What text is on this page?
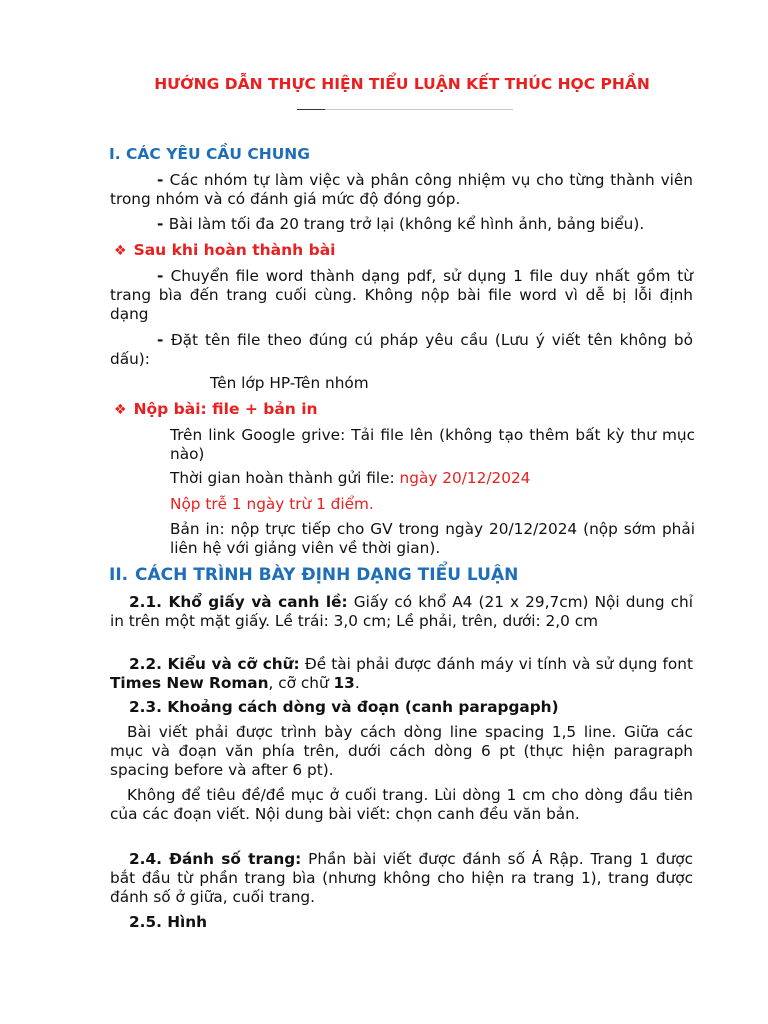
HƯỚNG DẪN THỰC HIỆN TIỂU LUẬN KẾT THÚC HỌC PHẦN
I. CÁC YÊU CẦU CHUNG
- Các nhóm tự làm việc và phân công nhiệm vụ cho từng thành viên trong nhóm và có đánh giá mức độ đóng góp.
- Bài làm tối đa 20 trang trở lại (không kể hình ảnh, bảng biểu).
❖ Sau khi hoàn thành bài
- Chuyển file word thành dạng pdf, sử dụng 1 file duy nhất gồm từ trang bìa đến trang cuối cùng. Không nộp bài file word vì dễ bị lỗi định dạng
- Đặt tên file theo đúng cú pháp yêu cầu (Lưu ý viết tên không bỏ dấu):
Tên lớp HP-Tên nhóm
❖ Nộp bài: file + bản in
Trên link Google grive: Tải file lên (không tạo thêm bất kỳ thư mục nào)
Thời gian hoàn thành gửi file: ngày 20/12/2024
Nộp trễ 1 ngày trừ 1 điểm.
Bản in: nộp trực tiếp cho GV trong ngày 20/12/2024 (nộp sớm phải liên hệ với giảng viên về thời gian).
II. CÁCH TRÌNH BÀY ĐỊNH DẠNG TIỂU LUẬN
2.1. Khổ giấy và canh lề: Giấy có khổ A4 (21 x 29,7cm) Nội dung chỉ in trên một mặt giấy. Lề trái: 3,0 cm; Lề phải, trên, dưới: 2,0 cm
2.2. Kiểu và cỡ chữ: Đề tài phải được đánh máy vi tính và sử dụng font Times New Roman, cỡ chữ 13.
2.3. Khoảng cách dòng và đoạn (canh parapgaph)
Bài viết phải được trình bày cách dòng line spacing 1,5 line. Giữa các mục và đoạn văn phía trên, dưới cách dòng 6 pt (thực hiện paragraph spacing before và after 6 pt).
Không để tiêu đề/đề mục ở cuối trang. Lùi dòng 1 cm cho dòng đầu tiên của các đoạn viết. Nội dung bài viết: chọn canh đều văn bản.
2.4. Đánh số trang: Phần bài viết được đánh số Á Rập. Trang 1 được bắt đầu từ phần trang bìa (nhưng không cho hiện ra trang 1), trang được đánh số ở giữa, cuối trang.
2.5. Hình
